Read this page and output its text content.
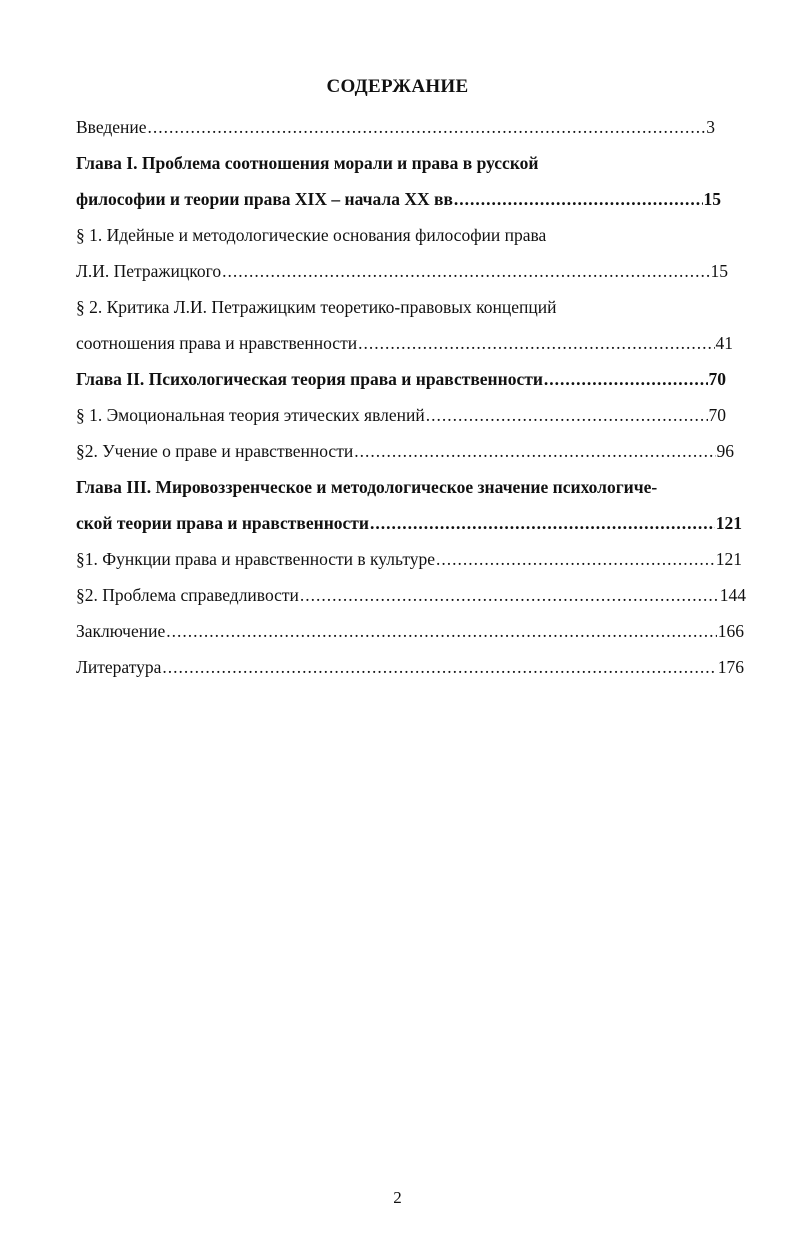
СОДЕРЖАНИЕ
Введение .....	3
Глава I. Проблема соотношения морали и права в русской
философии и теории права XIX – начала XX вв .....	15
§ 1. Идейные и методологические основания философии права
Л.И. Петражицкого .....	15
§ 2. Критика Л.И. Петражицким теоретико-правовых концепций
соотношения права и нравственности .....	41
Глава II. Психологическая теория права и нравственности .....	70
§ 1. Эмоциональная теория этических явлений .....	70
§2. Учение о праве и нравственности .....	96
Глава III. Мировоззренческое и методологическое значение психологиче-
ской теории права и нравственности .....	121
§1. Функции права и нравственности в культуре .....	121
§2. Проблема справедливости .....	144
Заключение .....	166
Литература .....	176
2
